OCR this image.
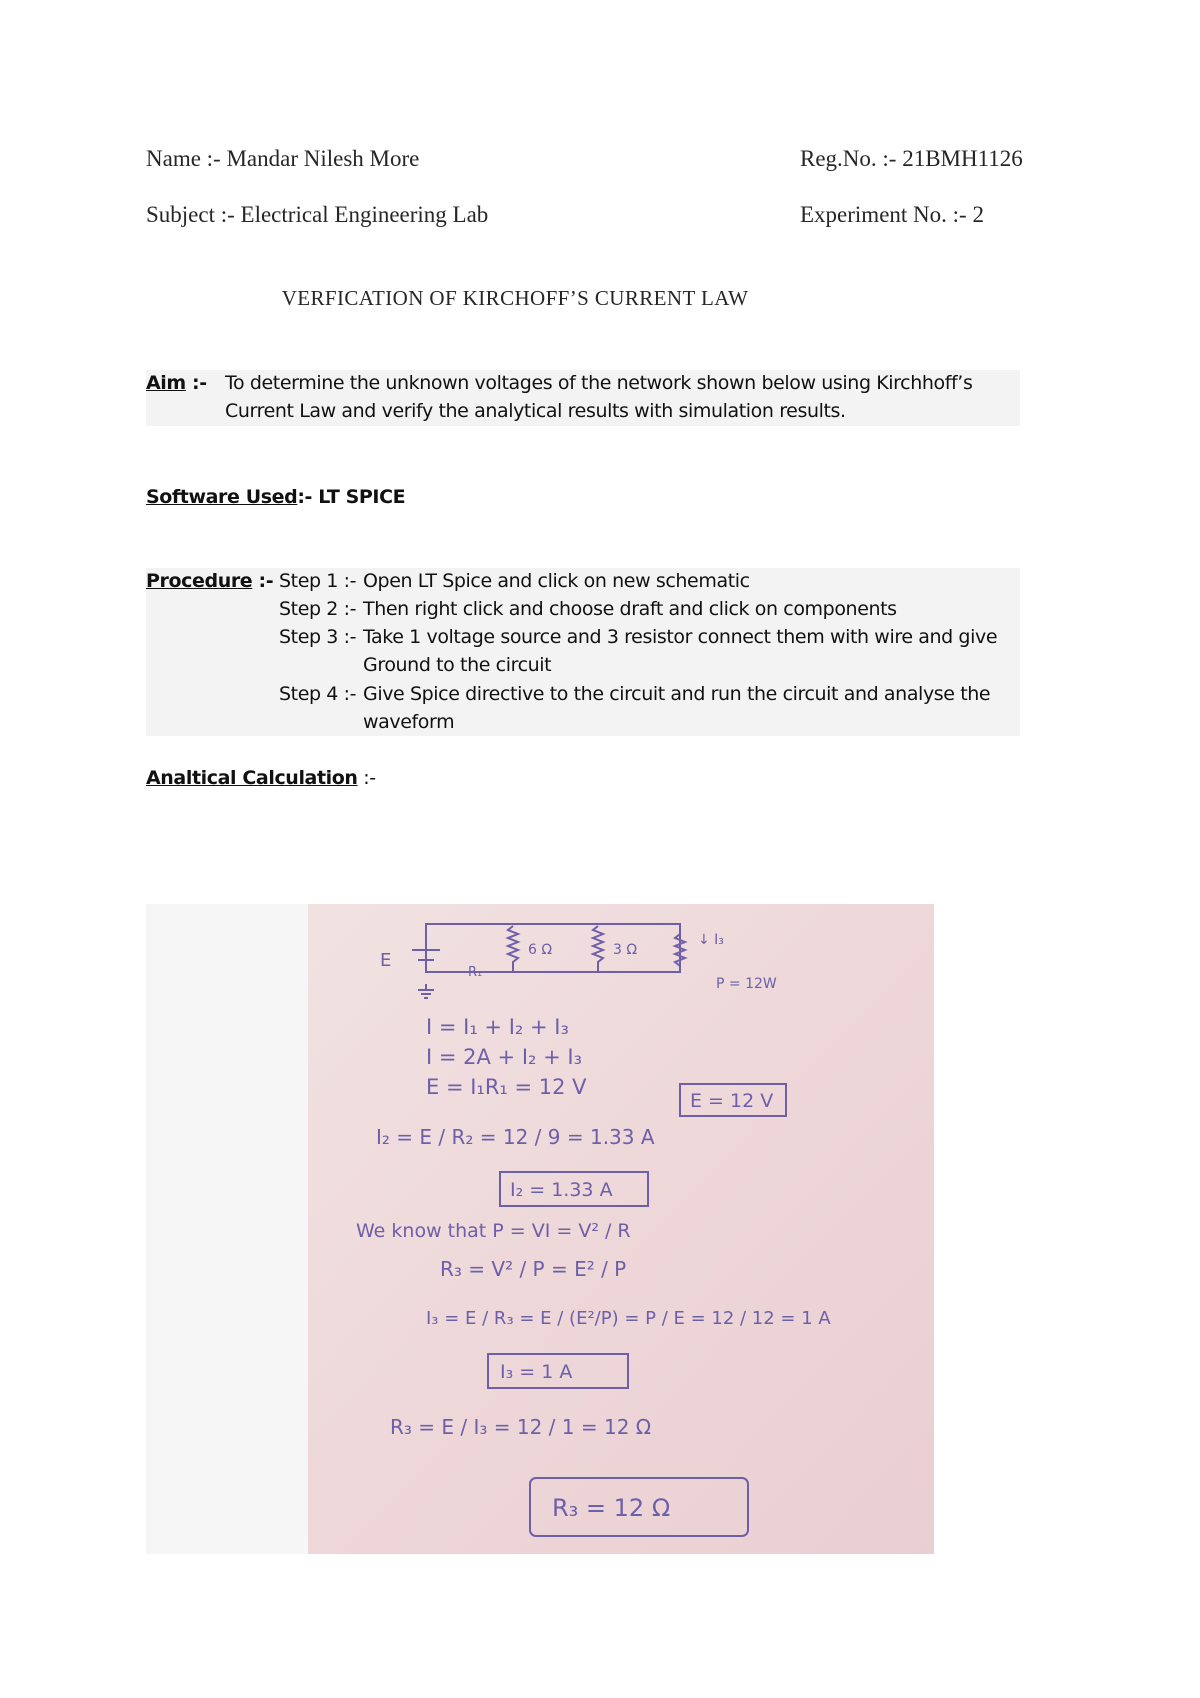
Name :- Mandar Nilesh More	Reg.No. :- 21BMH1126
Subject :- Electrical Engineering Lab	Experiment No. :- 2
VERFICATION OF KIRCHOFF’S CURRENT LAW
Aim :- To determine the unknown voltages of the network shown below using Kirchhoff’s
Current Law and verify the analytical results with simulation results.
Software Used:- LT SPICE
Procedure :- Step 1 :- Open LT Spice and click on new schematic
Step 2 :- Then right click and choose draft and click on components
Step 3 :- Take 1 voltage source and 3 resistor connect them with wire and give
Ground to the circuit
Step 4 :- Give Spice directive to the circuit and run the circuit and analyse the
waveform
Analtical Calculation :-
E
R₁
6 Ω	3 Ω
↓ I₃
P = 12W
I = I₁ + I₂ + I₃
I = 2A + I₂ + I₃
E = I₁R₁ = 12 V
E = 12 V
I₂ = E / R₂ = 12 / 9 = 1.33 A
I₂ = 1.33 A
We know that P = VI = V² / R
R₃ = V² / P = E² / P
I₃ = E / R₃ = E / (E²/P) = P / E = 12 / 12 = 1 A
I₃ = 1 A
R₃ = E / I₃ = 12 / 1 = 12 Ω
R₃ = 12 Ω
